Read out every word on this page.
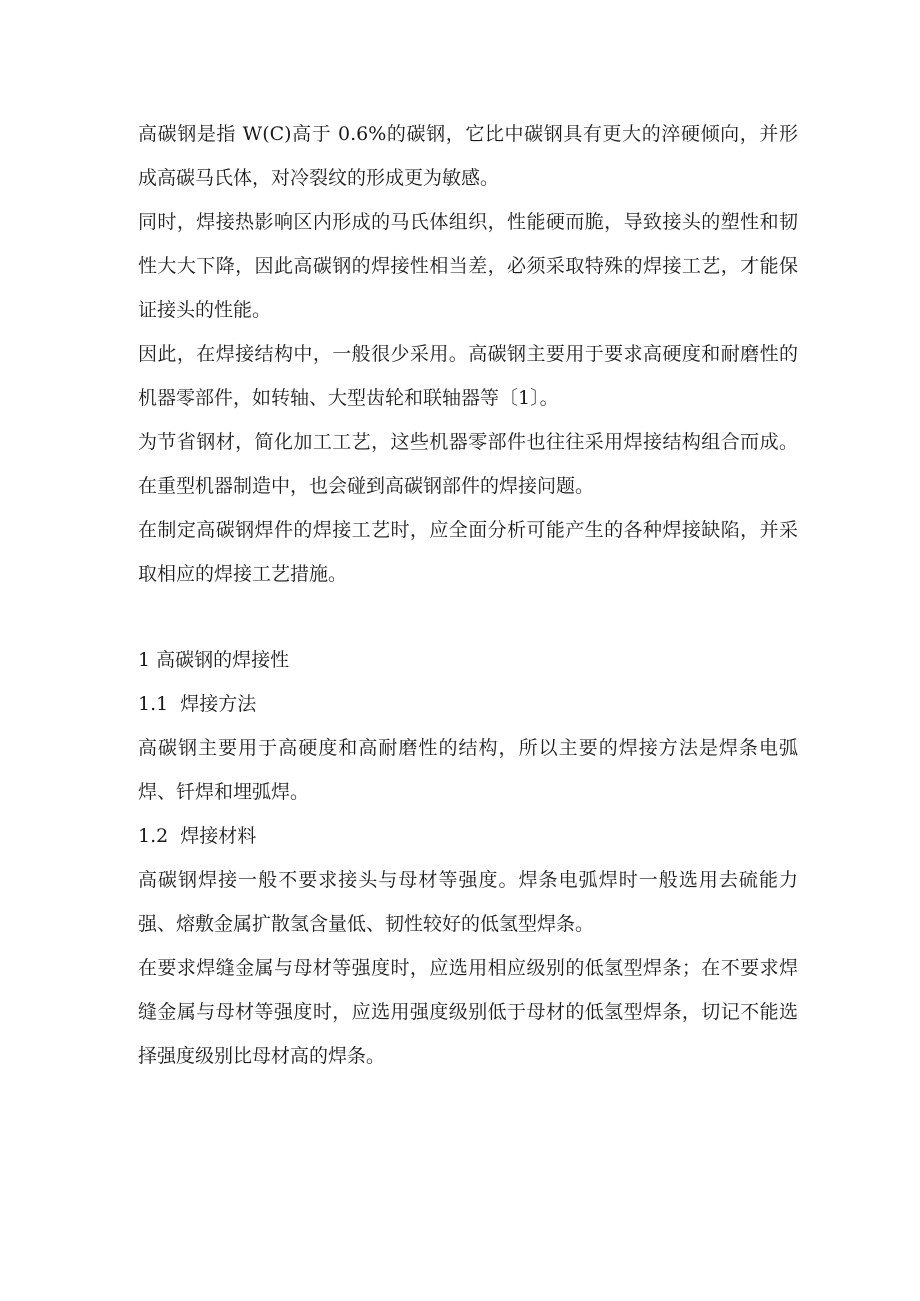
高碳钢是指 W(C)高于 0.6%的碳钢，它比中碳钢具有更大的淬硬倾向，并形成高碳马氏体，对冷裂纹的形成更为敏感。

同时，焊接热影响区内形成的马氏体组织，性能硬而脆，导致接头的塑性和韧性大大下降，因此高碳钢的焊接性相当差，必须采取特殊的焊接工艺，才能保证接头的性能。

因此，在焊接结构中，一般很少采用。高碳钢主要用于要求高硬度和耐磨性的机器零部件，如转轴、大型齿轮和联轴器等〔1〕。

为节省钢材，简化加工工艺，这些机器零部件也往往采用焊接结构组合而成。在重型机器制造中，也会碰到高碳钢部件的焊接问题。

在制定高碳钢焊件的焊接工艺时，应全面分析可能产生的各种焊接缺陷，并采取相应的焊接工艺措施。

1 高碳钢的焊接性

1.1  焊接方法

高碳钢主要用于高硬度和高耐磨性的结构，所以主要的焊接方法是焊条电弧焊、钎焊和埋弧焊。

1.2  焊接材料

高碳钢焊接一般不要求接头与母材等强度。焊条电弧焊时一般选用去硫能力强、熔敷金属扩散氢含量低、韧性较好的低氢型焊条。

在要求焊缝金属与母材等强度时，应选用相应级别的低氢型焊条；在不要求焊缝金属与母材等强度时，应选用强度级别低于母材的低氢型焊条，切记不能选择强度级别比母材高的焊条。
